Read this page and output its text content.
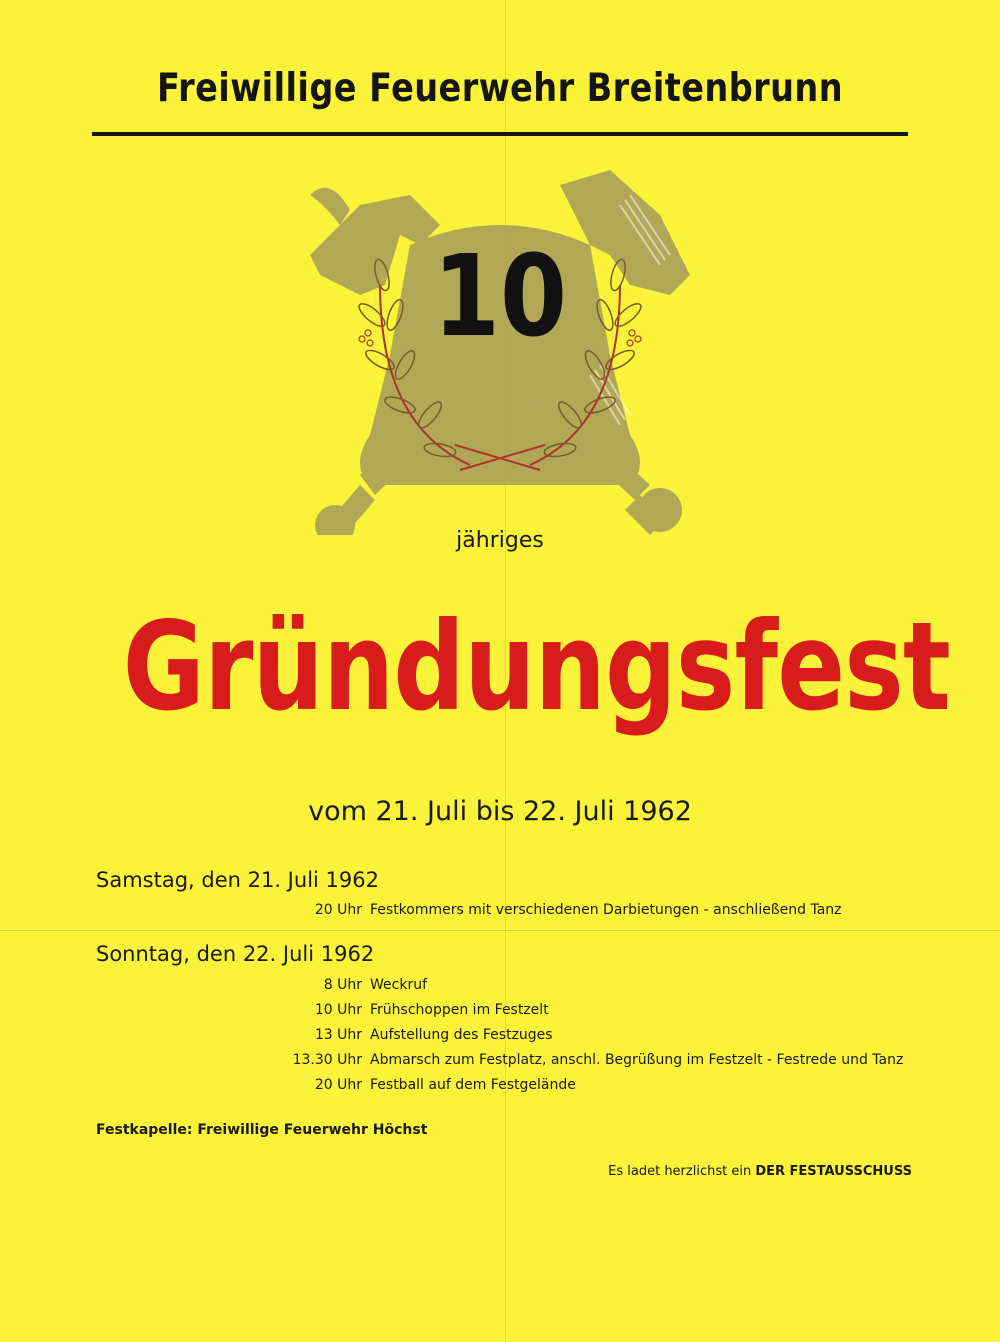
Freiwillige Feuerwehr Breitenbrunn
10
jähriges
Gründungsfest
vom 21. Juli bis 22. Juli 1962
Samstag, den 21. Juli 1962
20 Uhr Festkommers mit verschiedenen Darbietungen - anschließend Tanz
Sonntag, den 22. Juli 1962
8 Uhr Weckruf
10 Uhr Frühschoppen im Festzelt
13 Uhr Aufstellung des Festzuges
13.30 Uhr Abmarsch zum Festplatz, anschl. Begrüßung im Festzelt - Festrede und Tanz
20 Uhr Festball auf dem Festgelände
Festkapelle: Freiwillige Feuerwehr Höchst
Es ladet herzlichst ein DER FESTAUSSCHUSS
